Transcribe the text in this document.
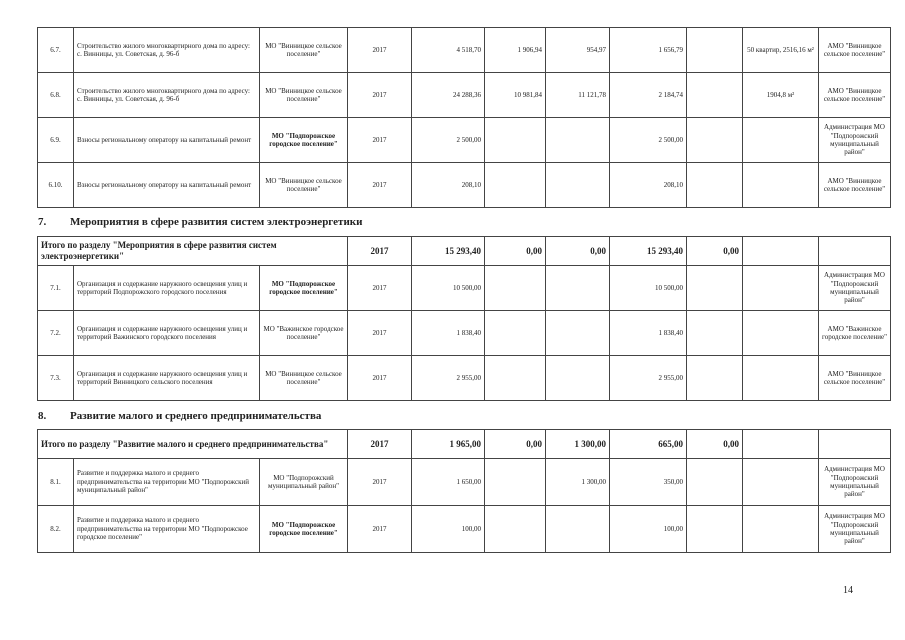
6.7.	Строительство жилого многоквартирного дома по адресу: с. Винницы, ул. Советская, д. 96-б	МО "Винницкое сельское поселение"	2017	4 518,70	1 906,94	954,97	1 656,79		50 квартир, 2516,16 м²	АМО "Винницкое сельское поселение"
6.8.	Строительство жилого многоквартирного дома по адресу: с. Винницы, ул. Советская, д. 96-б	МО "Винницкое сельское поселение"	2017	24 288,36	10 981,84	11 121,78	2 184,74		1904,8 м²	АМО "Винницкое сельское поселение"
6.9.	Взносы региональному оператору на капитальный ремонт	МО "Подпорожское городское поселение"	2017	2 500,00			2 500,00			Администрация МО "Подпорожский муниципальный район"
6.10.	Взносы региональному оператору на капитальный ремонт	МО "Винницкое сельское поселение"	2017	208,10			208,10			АМО "Винницкое сельское поселение"
7. Мероприятия в сфере развития систем электроэнергетики
Итого по разделу "Мероприятия в сфере развития систем электроэнергетики"			2017	15 293,40	0,00	0,00	15 293,40	0,00		
7.1.	Организация и содержание наружного освещения улиц и территорий Подпорожского городского поселения	МО "Подпорожское городское поселение"	2017	10 500,00			10 500,00			Администрация МО "Подпорожский муниципальный район"
7.2.	Организация и содержание наружного освещения улиц и территорий Важинского городского поселения	МО "Важинское городское поселение"	2017	1 838,40			1 838,40			АМО "Важинское городское поселение"
7.3.	Организация и содержание наружного освещения улиц и территорий Винницкого сельского поселения	МО "Винницкое сельское поселение"	2017	2 955,00			2 955,00			АМО "Винницкое сельское поселение"
8. Развитие малого и среднего предпринимательства
Итого по разделу "Развитие малого и среднего предпринимательства"			2017	1 965,00	0,00	1 300,00	665,00	0,00		
8.1.	Развитие и поддержка малого и среднего предпринимательства на территории МО "Подпорожский муниципальный район"	МО "Подпорожский муниципальный район"	2017	1 650,00		1 300,00	350,00			Администрация МО "Подпорожский муниципальный район"
8.2.	Развитие и поддержка малого и среднего предпринимательства на территории МО "Подпорожское городское поселение"	МО "Подпорожское городское поселение"	2017	100,00			100,00			Администрация МО "Подпорожский муниципальный район"
14
